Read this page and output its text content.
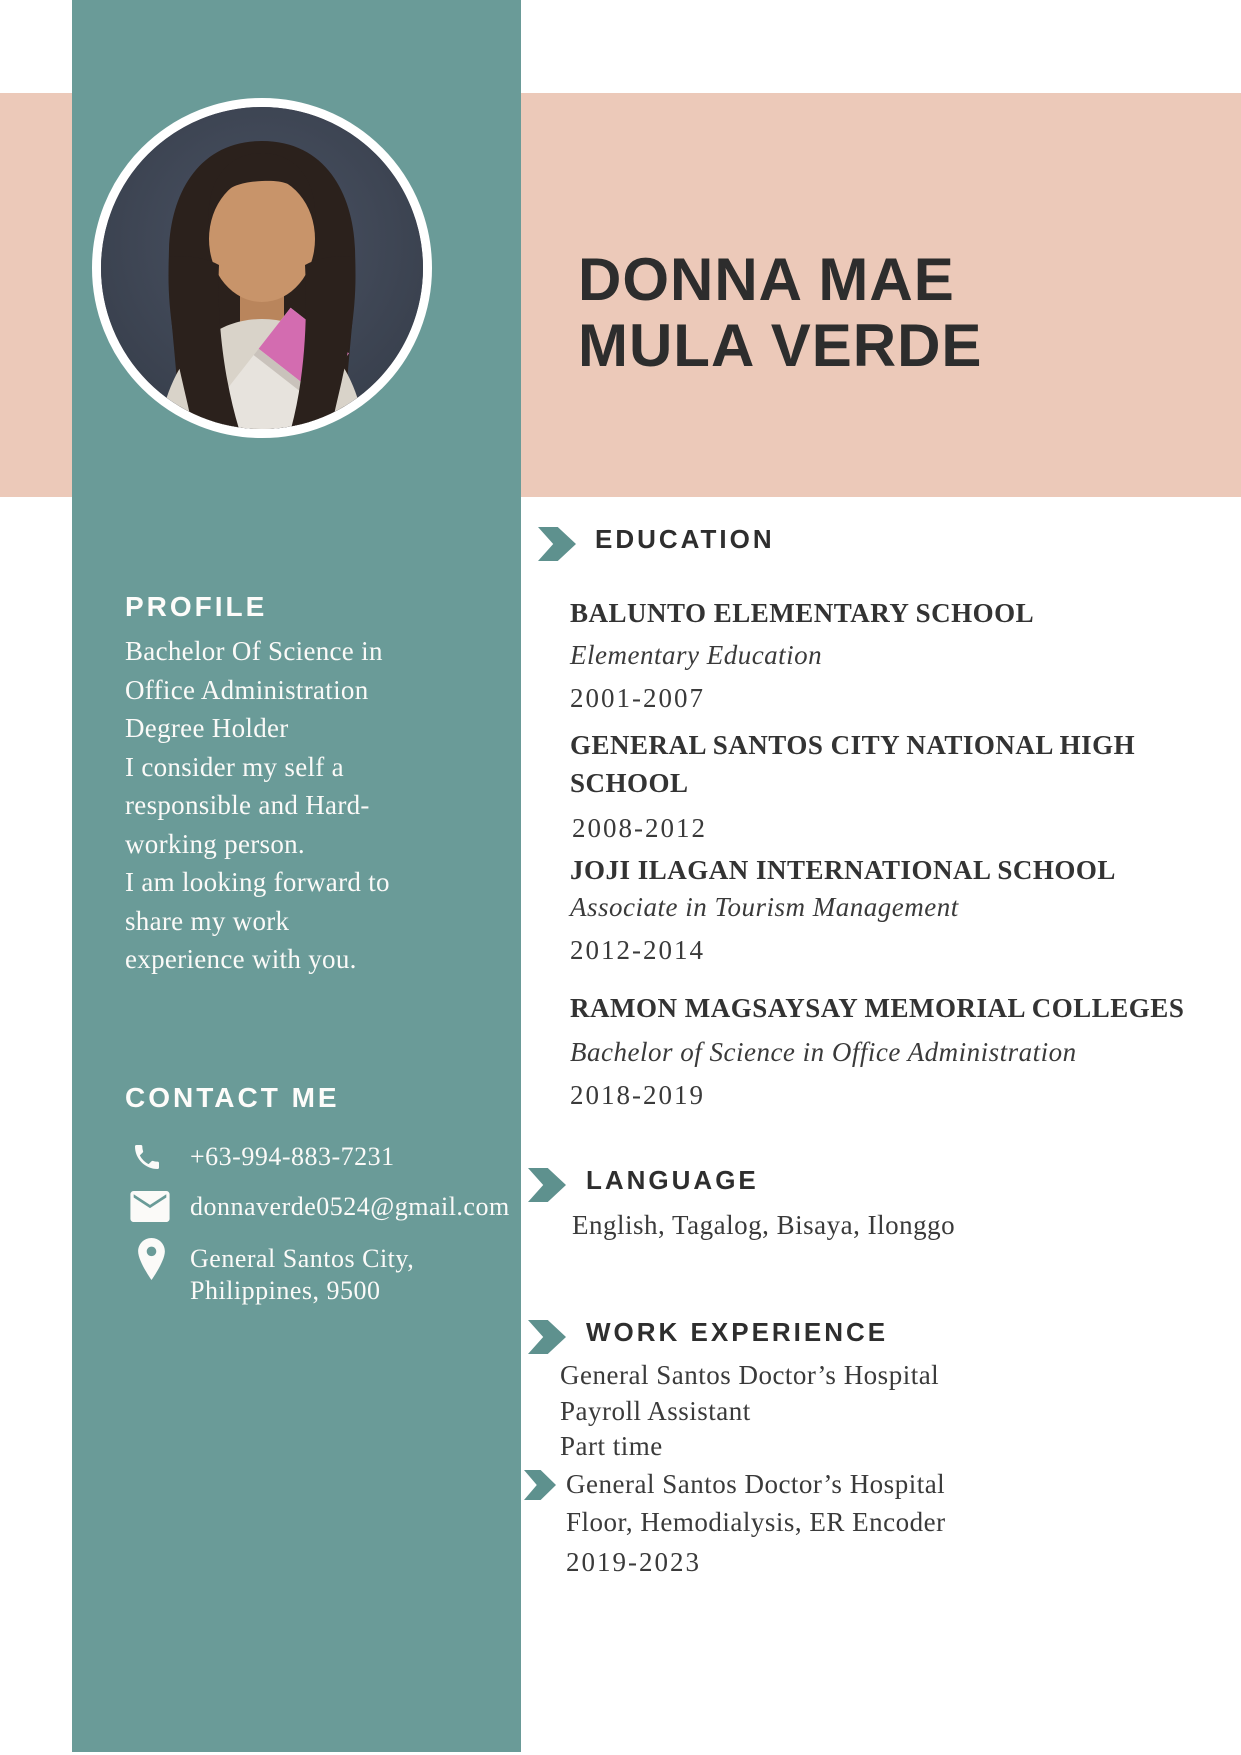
DONNA MAE
MULA VERDE
PROFILE
Bachelor Of Science in
Office Administration
Degree Holder
I consider my self a
responsible and Hard-
working person.
I am looking forward to
share my work
experience with you.
CONTACT ME
+63-994-883-7231
donnaverde0524@gmail.com
General Santos City,
Philippines, 9500
EDUCATION
BALUNTO ELEMENTARY SCHOOL
Elementary Education
2001-2007
GENERAL SANTOS CITY NATIONAL HIGH
SCHOOL
2008-2012
JOJI ILAGAN INTERNATIONAL SCHOOL
Associate in Tourism Management
2012-2014
RAMON MAGSAYSAY MEMORIAL COLLEGES
Bachelor of Science in Office Administration
2018-2019
LANGUAGE
English, Tagalog, Bisaya, Ilonggo
WORK EXPERIENCE
General Santos Doctor’s Hospital
Payroll Assistant
Part time
General Santos Doctor’s Hospital
Floor, Hemodialysis, ER Encoder
2019-2023
